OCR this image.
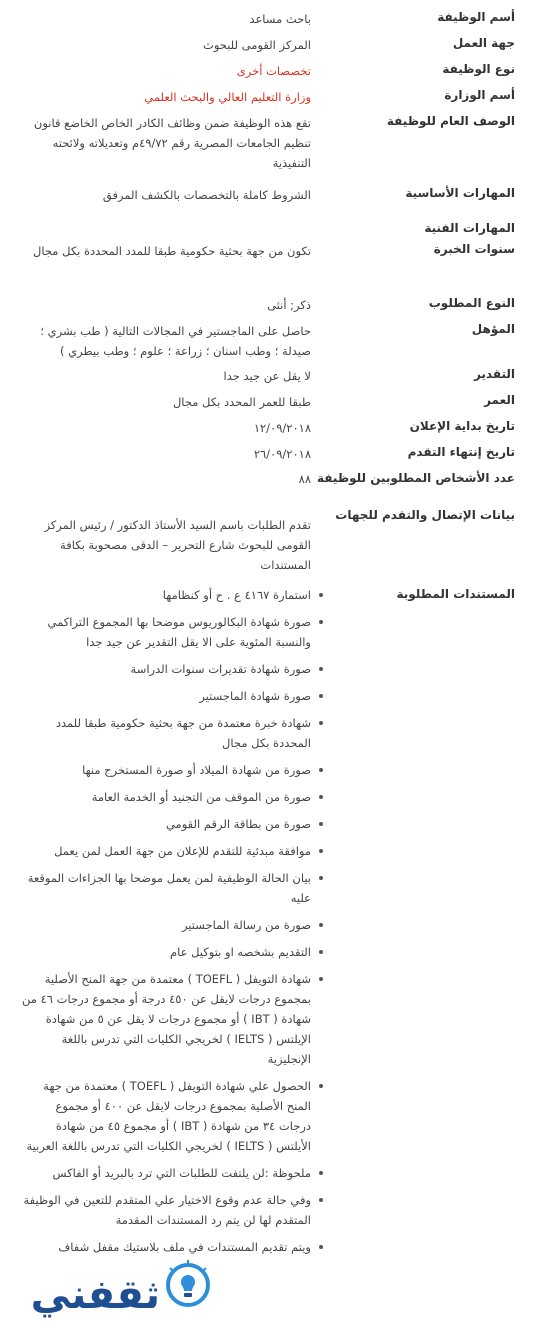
أسم الوظيفة
باحث مساعد
جهة العمل
المركز القومى للبحوث
نوع الوظيفة
تخصصات أخرى
أسم الوزارة
وزارة التعليم العالي والبحث العلمي
الوصف العام للوظيفة
تقع هذه الوظيفة ضمن وظائف الكادر الخاص الخاضع قانون تنظيم الجامعات المصرية رقم ٤٩/٧٢م وتعديلاته ولائحته التنفيذية
المهارات الأساسية
الشروط كاملة بالتخصصات بالكشف المرفق
المهارات الفنية
سنوات الخبرة
تكون من جهة بحثية حكومية طبقا للمدد المحددة بكل مجال
النوع المطلوب
ذكر; أنثى
المؤهل
حاصل على الماجستير في المجالات التالية ( طب بشري ؛ صيدلة ؛ وطب اسنان ؛ زراعة ؛ علوم ؛ وطب بيطري )
التقدير
لا يقل عن جيد جدا
العمر
طبقا للعمر المحدد بكل مجال
تاريخ بداية الإعلان
١٢/٠٩/٢٠١٨
تاريخ إنتهاء التقدم
٢٦/٠٩/٢٠١٨
عدد الأشخاص المطلوبين للوظيفة
٨٨
بيانات الإتصال والتقدم للجهات
تقدم الطلبات باسم السيد الأستاذ الدكتور / رئيس المركز القومى للبحوث شارع التحرير – الدقى مصحوبة بكافة المستندات
المستندات المطلوبة
استمارة ٤١٦٧ ع . ح أو كنظامها
صورة شهادة البكالوريوس موضحا بها المجموع التراكمي والنسبة المئوية على الا يقل التقدير عن جيد جدا
صورة شهادة تقديرات سنوات الدراسة
صورة شهادة الماجستير
شهادة خبرة معتمدة من جهة بحثية حكومية طبقا للمدد المحددة بكل مجال
صورة من شهادة الميلاد أو صورة المستخرج منها
صورة من الموقف من التجنيد أو الخدمة العامة
صورة من بطاقة الرقم القومي
موافقة مبدئية للتقدم للإعلان من جهة العمل لمن يعمل
بيان الحالة الوظيفية لمن يعمل موضحا بها الجزاءات الموقعة عليه
صورة من رسالة الماجستير
التقديم بشخصه او بتوكيل عام
شهادة التويفل ( TOEFL ) معتمدة من جهة المنح الأصلية بمجموع درجات لايقل عن ٤٥٠ درجة أو مجموع درجات ٤٦ من شهادة ( IBT ) أو مجموع درجات لا يقل عن ٥ من شهادة الإيلتس ( IELTS ) لخريجي الكليات التي تدرس باللغة الإنجليزية
الحصول علي شهادة التويفل ( TOEFL ) معتمدة من جهة المنح الأصلية بمجموع درجات لايقل عن ٤٠٠ أو مجموع درجات ٣٤ من شهادة ( IBT ) أو مجموع ٤٥ من شهادة الأيلتس ( IELTS ) لخريجي الكليات التي تدرس باللغة العربية
ملحوظة :لن يلتفت للطلبات التي ترد بالبريد أو الفاكس
وفي حالة عدم وقوع الاختيار علي المتقدم للتعين في الوظيفة المتقدم لها لن يتم رد المستندات المقدمة
ويتم تقديم المستندات في ملف بلاستيك مقفل شفاف
ثقفني
